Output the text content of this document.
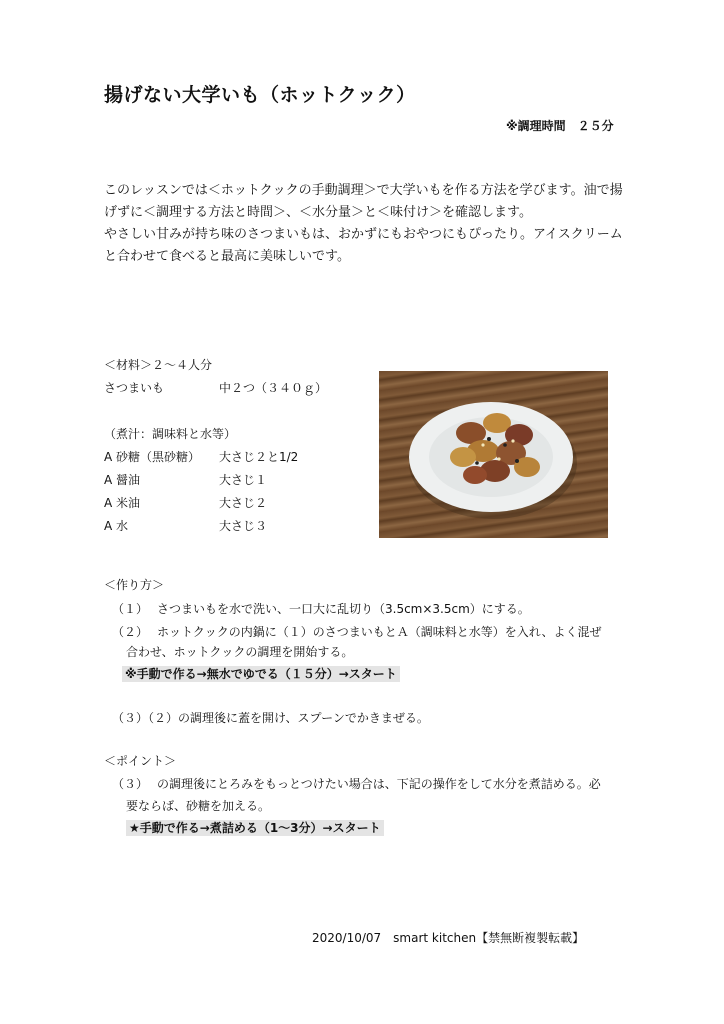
揚げない大学いも（ホットクック）
※調理時間　２５分

このレッスンでは＜ホットクックの手動調理＞で大学いもを作る方法を学びます。油で揚げずに＜調理する方法と時間＞、＜水分量＞と＜味付け＞を確認します。

やさしい甘みが持ち味のさつまいもは、おかずにもおやつにもぴったり。アイスクリームと合わせて食べると最高に美味しいです。

＜材料＞２～４人分
さつまいも	中２つ（３４０ｇ）
（煮汁：調味料と水等）
A 砂糖（黒砂糖） 大さじ２と1/2
A 醤油	大さじ１
A 米油	大さじ２
A 水	大さじ３
＜作り方＞
（１） さつまいもを水で洗い、一口大に乱切り（3.5cm×3.5cm）にする。
（２） ホットクックの内鍋に（１）のさつまいもとＡ（調味料と水等）を入れ、よく混ぜ
合わせ、ホットクックの調理を開始する。
※手動で作る→無水でゆでる（１５分）→スタート
（３）（２）の調理後に蓋を開け、スプーンでかきまぜる。
＜ポイント＞
（３） の調理後にとろみをもっとつけたい場合は、下記の操作をして水分を煮詰める。必
要ならば、砂糖を加える。
★手動で作る→煮詰める（1～3分）→スタート
2020/10/07　smart kitchen【禁無断複製転載】
